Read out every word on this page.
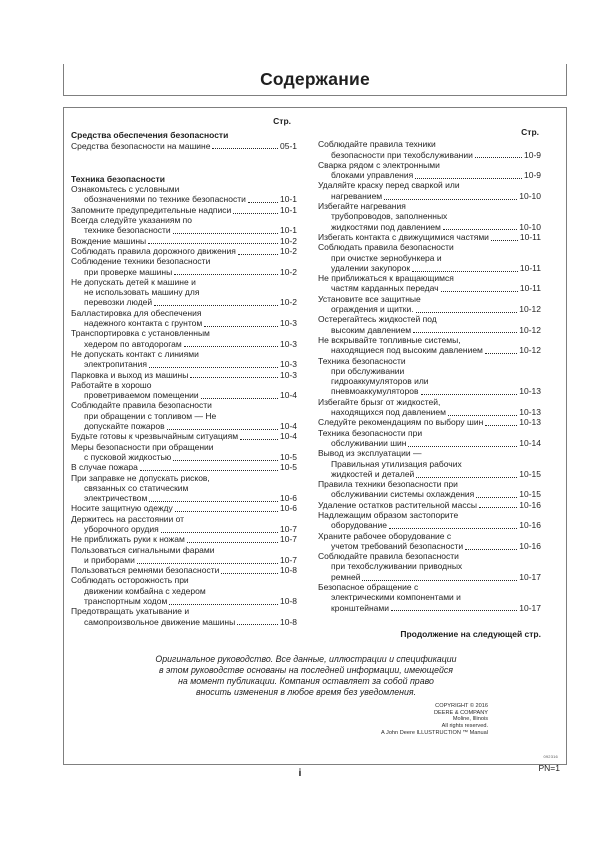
Содержание
Стр.
Средства обеспечения безопасности
Средства безопасности на машине	05-1
Техника безопасности
Ознакомьтесь с условными
обозначениями по технике безопасности	10-1
Запомните предупредительные надписи	10-1
Всегда следуйте указаниям по
технике безопасности	10-1
Вождение машины	10-2
Соблюдать правила дорожного движения	10-2
Соблюдение техники безопасности
при проверке машины	10-2
Не допускать детей к машине и
не использовать машину для
перевозки людей	10-2
Балластировка для обеспечения
надежного контакта с грунтом	10-3
Транспортировка с установленным
хедером по автодорогам	10-3
Не допускать контакт с линиями
электропитания	10-3
Парковка и выход из машины	10-3
Работайте в хорошо
проветриваемом помещении	10-4
Соблюдайте правила безопасности
при обращении с топливом — Не
допускайте пожаров	10-4
Будьте готовы к чрезвычайным ситуациям	10-4
Меры безопасности при обращении
с пусковой жидкостью	10-5
В случае пожара	10-5
При заправке не допускать рисков,
связанных со статическим
электричеством	10-6
Носите защитную одежду	10-6
Держитесь на расстоянии от
уборочного орудия	10-7
Не приближать руки к ножам	10-7
Пользоваться сигнальными фарами
и приборами	10-7
Пользоваться ремнями безопасности	10-8
Соблюдать осторожность при
движении комбайна с хедером
транспортным ходом	10-8
Предотвращать укатывание и
самопроизвольное движение машины	10-8
Стр.
Соблюдайте правила техники
безопасности при техобслуживании	10-9
Сварка рядом с электронными
блоками управления	10-9
Удаляйте краску перед сваркой или
нагреванием	10-10
Избегайте нагревания
трубопроводов, заполненных
жидкостями под давлением	10-10
Избегать контакта с движущимися частями	10-11
Соблюдать правила безопасности
при очистке зернобункера и
удалении закупорок	10-11
Не приближаться к вращающимся
частям карданных передач	10-11
Установите все защитные
ограждения и щитки.	10-12
Остерегайтесь жидкостей под
высоким давлением	10-12
Не вскрывайте топливные системы,
находящиеся под высоким давлением	10-12
Техника безопасности
при обслуживании
гидроаккумуляторов или
пневмоаккумуляторов	10-13
Избегайте брызг от жидкостей,
находящихся под давлением	10-13
Следуйте рекомендациям по выбору шин	10-13
Техника безопасности при
обслуживании шин	10-14
Вывод из эксплуатации —
Правильная утилизация рабочих
жидкостей и деталей	10-15
Правила техники безопасности при
обслуживании системы охлаждения	10-15
Удаление остатков растительной массы	10-16
Надлежащим образом застопорите
оборудование	10-16
Храните рабочее оборудование с
учетом требований безопасности	10-16
Соблюдайте правила безопасности
при техобслуживании приводных
ремней	10-17
Безопасное обращение с
электрическими компонентами и
кронштейнами	10-17
Продолжение на следующей стр.
Оригинальное руководство. Все данные, иллюстрации и спецификации
в этом руководстве основаны на последней информации, имеющейся
на момент публикации. Компания оставляет за собой право
вносить изменения в любое время без уведомления.
COPYRIGHT © 2016
DEERE & COMPANY
Moline, Illinois
All rights reserved.
A John Deere ILLUSTRUCTION ™ Manual
i
092316
PN=1
